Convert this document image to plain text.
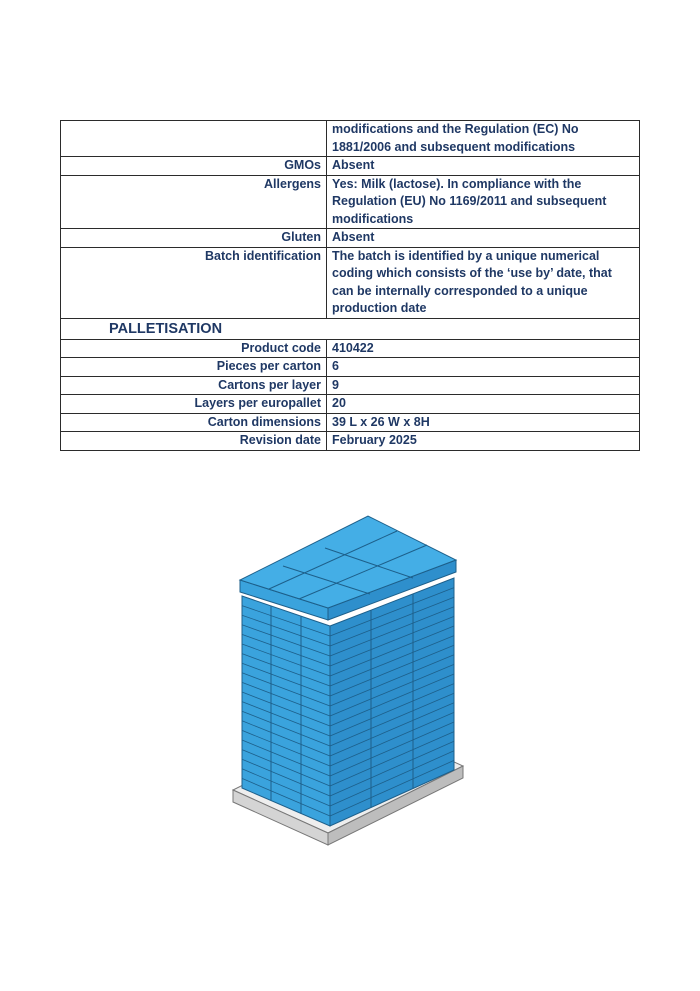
	modifications and the Regulation (EC) No 1881/2006 and subsequent modifications
GMOs	Absent
Allergens	Yes: Milk (lactose). In compliance with the Regulation (EU) No 1169/2011 and subsequent modifications
Gluten	Absent
Batch identification	The batch is identified by a unique numerical coding which consists of the ‘use by’ date, that can be internally corresponded to a unique production date
PALLETISATION	
Product code	410422
Pieces per carton	6
Cartons per layer	9
Layers per europallet	20
Carton dimensions	39 L x 26 W x 8H
Revision date	February 2025
